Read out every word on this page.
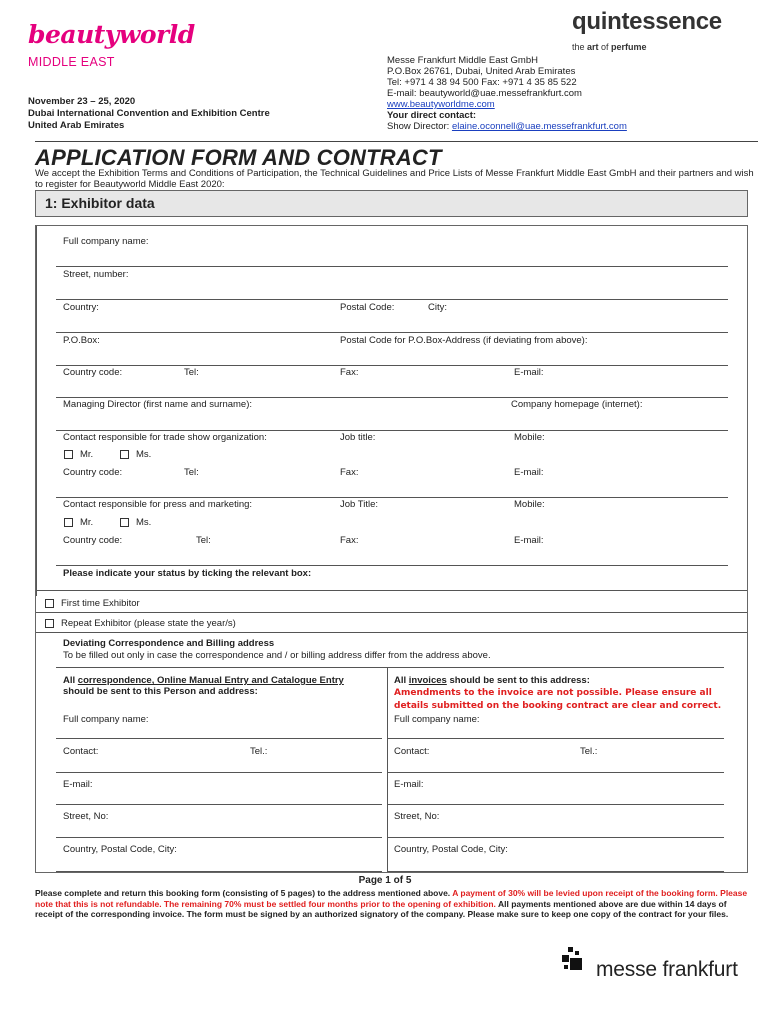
beautyworld
MIDDLE EAST
quintessence
the art of perfume
November 23 – 25, 2020
Dubai International Convention and Exhibition Centre
United Arab Emirates
Messe Frankfurt Middle East GmbH
P.O.Box 26761, Dubai, United Arab Emirates
Tel: +971 4 38 94 500 Fax: +971 4 35 85 522
E-mail: beautyworld@uae.messefrankfurt.com
www.beautyworldme.com
Your direct contact:
Show Director: elaine.oconnell@uae.messefrankfurt.com
APPLICATION FORM AND CONTRACT
We accept the Exhibition Terms and Conditions of Participation, the Technical Guidelines and Price Lists of Messe Frankfurt Middle East GmbH and their partners and wish to register for Beautyworld Middle East 2020:
1: Exhibitor data
Full company name:
Street, number:
Country:	Postal Code:	City:
P.O.Box:	Postal Code for P.O.Box-Address (if deviating from above):
Country code:	Tel:	Fax:	E-mail:
Managing Director (first name and surname):	Company homepage (internet):
Contact responsible for trade show organization:	Job title:	Mobile:
Mr.	Ms.
Country code:	Tel:	Fax:	E-mail:
Contact responsible for press and marketing:	Job Title:	Mobile:
Mr.	Ms.
Country code:	Tel:	Fax:	E-mail:
Please indicate your status by ticking the relevant box:
First time Exhibitor
Repeat Exhibitor (please state the year/s)
Deviating Correspondence and Billing address
To be filled out only in case the correspondence and / or billing address differ from the address above.
All correspondence, Online Manual Entry and Catalogue Entry
should be sent to this Person and address:
Full company name:
Contact:	Tel.:
E-mail:
Street, No:
Country, Postal Code, City:
All invoices should be sent to this address:
Amendments to the invoice are not possible. Please ensure all details submitted on the booking contract are clear and correct.
Full company name:
Contact:	Tel.:
E-mail:
Street, No:
Country, Postal Code, City:
Page 1 of 5
Please complete and return this booking form (consisting of 5 pages) to the address mentioned above. A payment of 30% will be levied upon receipt of the booking form. Please note that this is not refundable. The remaining 70% must be settled four months prior to the opening of exhibition. All payments mentioned above are due within 14 days of receipt of the corresponding invoice. The form must be signed by an authorized signatory of the company. Please make sure to keep one copy of the contract for your files.
messe frankfurt
